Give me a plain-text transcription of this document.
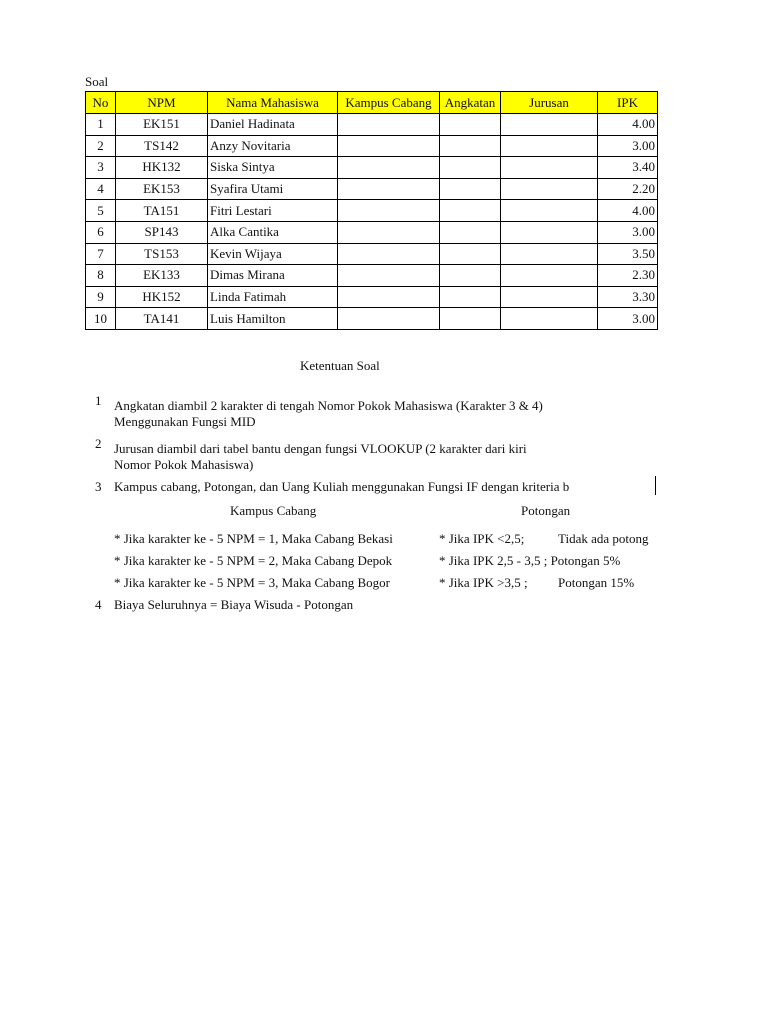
Soal
No	NPM	Nama Mahasiswa	Kampus Cabang	Angkatan	Jurusan	IPK
1	EK151	Daniel Hadinata				4.00
2	TS142	Anzy Novitaria				3.00
3	HK132	Siska Sintya				3.40
4	EK153	Syafira Utami				2.20
5	TA151	Fitri Lestari				4.00
6	SP143	Alka Cantika				3.00
7	TS153	Kevin Wijaya				3.50
8	EK133	Dimas Mirana				2.30
9	HK152	Linda Fatimah				3.30
10	TA141	Luis Hamilton				3.00
Ketentuan Soal
1 Angkatan diambil 2 karakter di tengah Nomor Pokok Mahasiswa (Karakter 3 & 4)
Menggunakan Fungsi MID
2 Jurusan diambil dari tabel bantu dengan fungsi VLOOKUP (2 karakter dari kiri
Nomor Pokok Mahasiswa)
3 Kampus cabang, Potongan, dan Uang Kuliah menggunakan Fungsi IF dengan kriteria b
Kampus Cabang	Potongan
* Jika karakter ke - 5 NPM = 1, Maka Cabang Bekasi
* Jika karakter ke - 5 NPM = 2, Maka Cabang Depok
* Jika karakter ke - 5 NPM = 3, Maka Cabang Bogor
* Jika IPK <2,5;	Tidak ada potong
* Jika IPK 2,5 - 3,5 ; Potongan 5%
* Jika IPK >3,5 ; Potongan 15%
4 Biaya Seluruhnya = Biaya Wisuda - Potongan
